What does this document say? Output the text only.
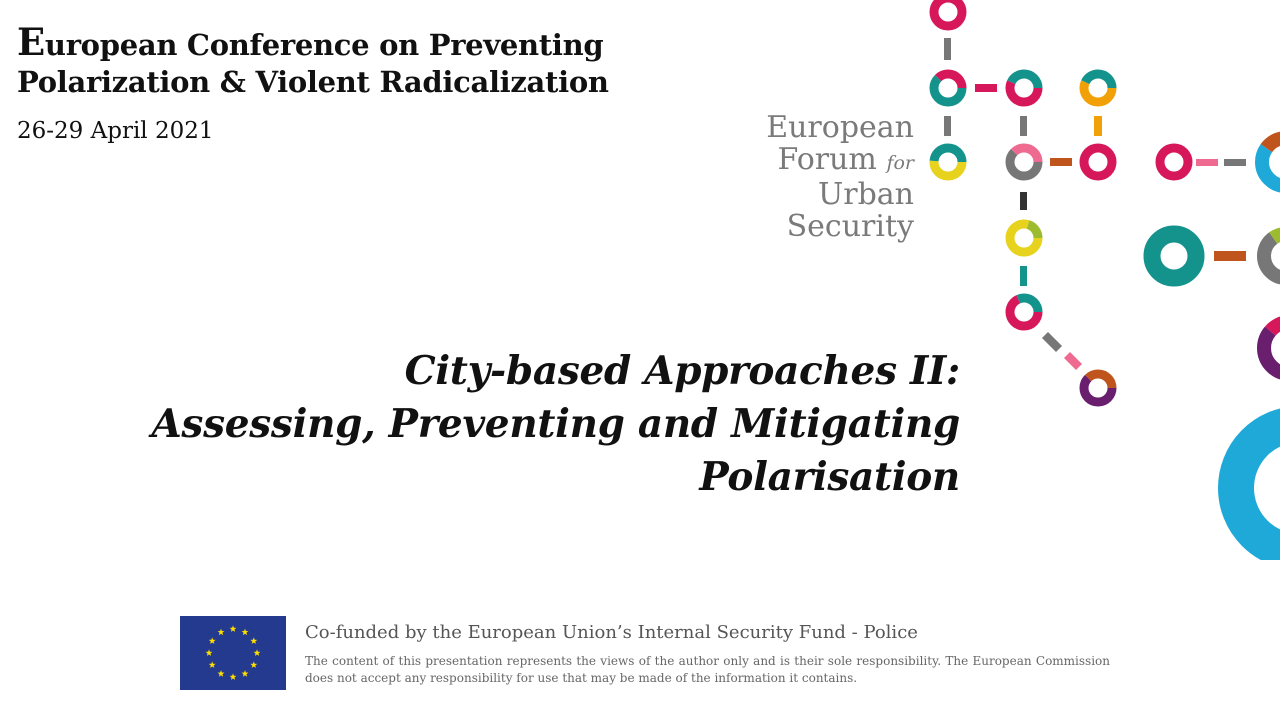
European Conference on Preventing
Polarization & Violent Radicalization
26-29 April 2021
City-based Approaches II:
Assessing, Preventing and Mitigating
Polarisation
European
Forum for
Urban
Security
Co-funded by the European Union’s Internal Security Fund - Police
The content of this presentation represents the views of the author only and is their sole responsibility. The European Commission does not accept any responsibility for use that may be made of the information it contains.
